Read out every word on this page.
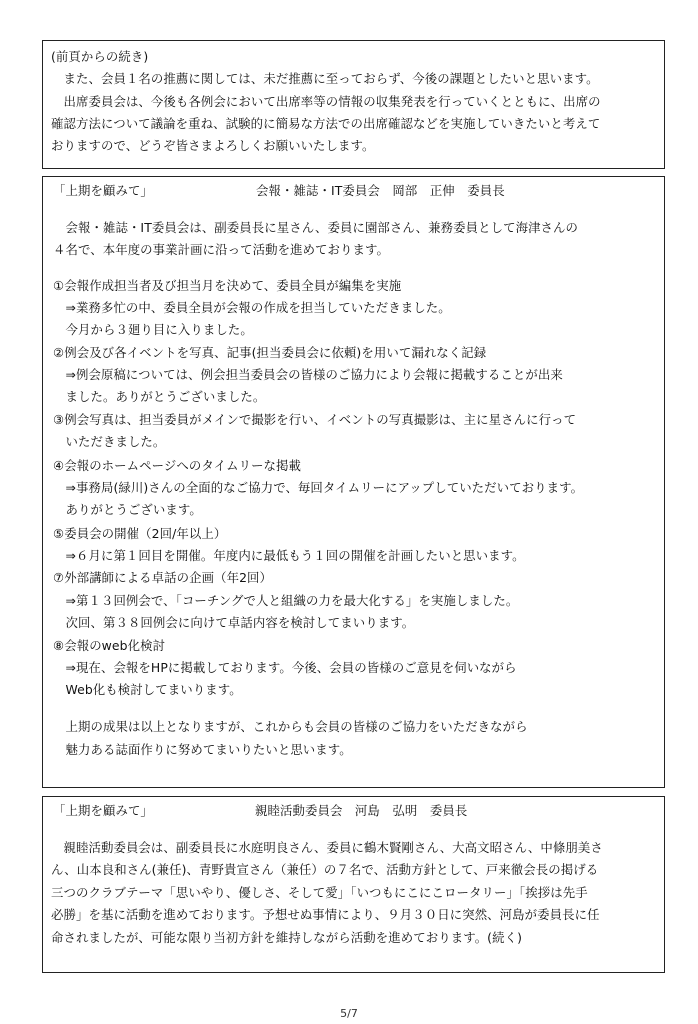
(前頁からの続き)
　また、会員１名の推薦に関しては、未だ推薦に至っておらず、今後の課題としたいと思います。
　出席委員会は、今後も各例会において出席率等の情報の収集発表を行っていくとともに、出席の
確認方法について議論を重ね、試験的に簡易な方法での出席確認などを実施していきたいと考えて
おりますので、どうぞ皆さまよろしくお願いいたします。
「上期を顧みて」	会報・雑誌・IT委員会　岡部　正伸　委員長
　会報・雑誌・IT委員会は、副委員長に星さん、委員に園部さん、兼務委員として海津さんの
４名で、本年度の事業計画に沿って活動を進めております。
①会報作成担当者及び担当月を決めて、委員全員が編集を実施
　⇒業務多忙の中、委員全員が会報の作成を担当していただきました。
　今月から３廻り目に入りました。
②例会及び各イベントを写真、記事(担当委員会に依頼)を用いて漏れなく記録
　⇒例会原稿については、例会担当委員会の皆様のご協力により会報に掲載することが出来
　ました。ありがとうございました。
③例会写真は、担当委員がメインで撮影を行い、イベントの写真撮影は、主に星さんに行って
　いただきました。
④会報のホームページへのタイムリーな掲載
　⇒事務局(緑川)さんの全面的なご協力で、毎回タイムリーにアップしていただいております。
　ありがとうございます。
⑤委員会の開催（2回/年以上）
　⇒６月に第１回目を開催。年度内に最低もう１回の開催を計画したいと思います。
⑦外部講師による卓話の企画（年2回）
　⇒第１３回例会で、「コーチングで人と組織の力を最大化する」を実施しました。
　次回、第３８回例会に向けて卓話内容を検討してまいります。
⑧会報のweb化検討
　⇒現在、会報をHPに掲載しております。今後、会員の皆様のご意見を伺いながら
　Web化も検討してまいります。
　上期の成果は以上となりますが、これからも会員の皆様のご協力をいただきながら
　魅力ある誌面作りに努めてまいりたいと思います。
「上期を顧みて」	親睦活動委員会　河島　弘明　委員長
　親睦活動委員会は、副委員長に水庭明良さん、委員に鶴木賢剛さん、大高文昭さん、中條朋美さ
ん、山本良和さん(兼任)、青野貴宣さん（兼任）の７名で、活動方針として、戸来徹会長の掲げる
三つのクラブテーマ「思いやり、優しさ、そして愛」「いつもにこにこロータリー」「挨拶は先手
必勝」を基に活動を進めております。予想せぬ事情により、９月３０日に突然、河島が委員長に任
命されましたが、可能な限り当初方針を維持しながら活動を進めております。(続く)
5/7
